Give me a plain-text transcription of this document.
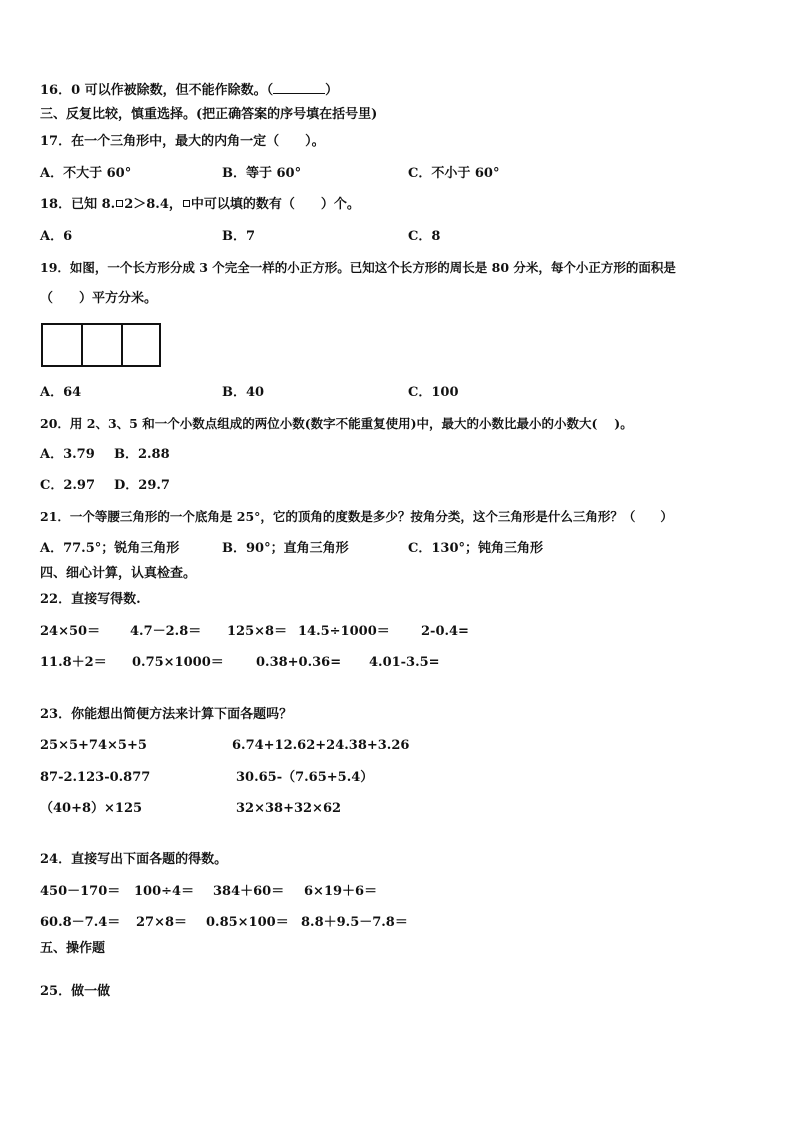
16．0 可以作被除数，但不能作除数。（	）
三、反复比较，慎重选择。(把正确答案的序号填在括号里)
17．在一个三角形中，最大的内角一定（　　）。
A．不大于 60°	B．等于 60°	C．不小于 60°
18．已知 8. 2＞8.4， 中可以填的数有（　　）个。
A．6	B．7	C．8
19．如图，一个长方形分成 3 个完全一样的小正方形。已知这个长方形的周长是 80 分米，每个小正方形的面积是
（　　）平方分米。
A．64	B．40	C．100
20．用 2、3、5 和一个小数点组成的两位小数(数字不能重复使用)中，最大的小数比最小的小数大(　 )。
A．3.79 B．2.88
C．2.97 D．29.7
21．一个等腰三角形的一个底角是 25°，它的顶角的度数是多少？按角分类，这个三角形是什么三角形？（　　）
A．77.5°；锐角三角形	B．90°；直角三角形	C．130°；钝角三角形
四、细心计算，认真检查。
22．直接写得数.
24×50＝ 4.7－2.8＝ 125×8＝ 14.5÷1000＝ 2-0.4=
11.8＋2＝ 0.75×1000＝ 0.38+0.36= 4.01-3.5=
23．你能想出简便方法来计算下面各题吗？
25×5+74×5+5	6.74+12.62+24.38+3.26
87-2.123-0.877	30.65-（7.65+5.4）
（40+8）×125	32×38+32×62
24．直接写出下面各题的得数。
450－170＝ 100÷4＝ 384＋60＝ 6×19＋6＝
60.8－7.4＝ 27×8＝ 0.85×100＝ 8.8＋9.5－7.8＝
五、操作题
25．做一做
